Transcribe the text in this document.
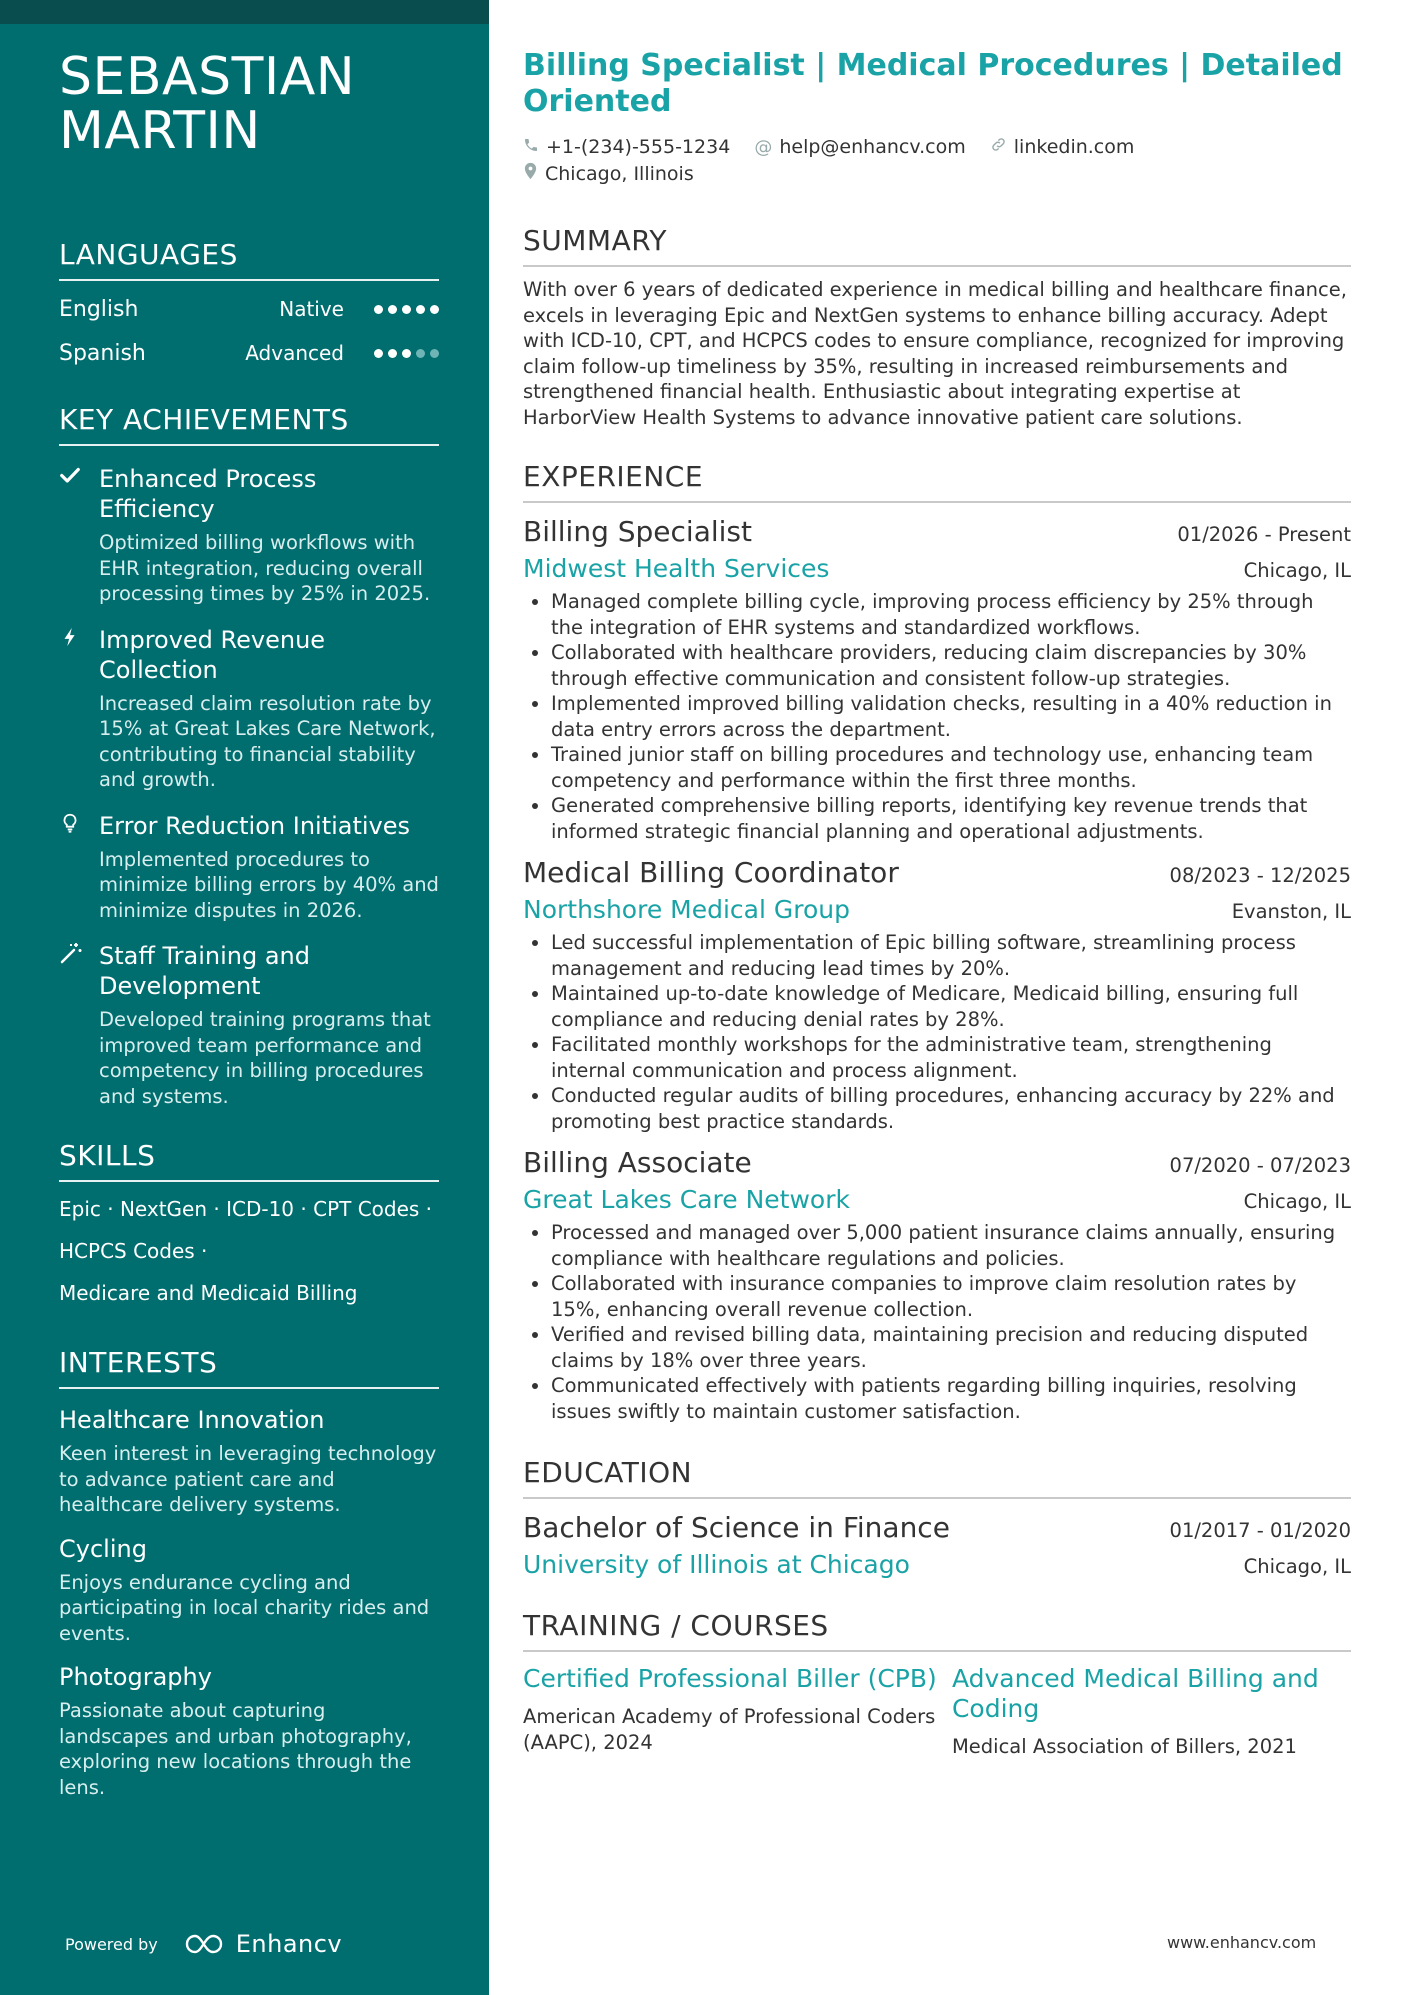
SEBASTIAN MARTIN
LANGUAGES
English	Native
Spanish	Advanced
KEY ACHIEVEMENTS
Enhanced Process Efficiency
Optimized billing workflows with EHR integration, reducing overall processing times by 25% in 2025.
Improved Revenue Collection
Increased claim resolution rate by 15% at Great Lakes Care Network, contributing to financial stability and growth.
Error Reduction Initiatives
Implemented procedures to minimize billing errors by 40% and minimize disputes in 2026.
Staff Training and Development
Developed training programs that improved team performance and competency in billing procedures and systems.
SKILLS
Epic · NextGen · ICD-10 · CPT Codes ·
HCPCS Codes ·
Medicare and Medicaid Billing
INTERESTS
Healthcare Innovation
Keen interest in leveraging technology to advance patient care and healthcare delivery systems.
Cycling
Enjoys endurance cycling and participating in local charity rides and events.
Photography
Passionate about capturing landscapes and urban photography, exploring new locations through the lens.
Powered by	Enhancv
Billing Specialist | Medical Procedures | Detailed Oriented
+1-(234)-555-1234
@ help@enhancv.com
	linkedin.com

Chicago, Illinois
SUMMARY

With over 6 years of dedicated experience in medical billing and healthcare finance, excels in leveraging Epic and NextGen systems to enhance billing accuracy. Adept with ICD-10, CPT, and HCPCS codes to ensure compliance, recognized for improving claim follow-up timeliness by 35%, resulting in increased reimbursements and strengthened financial health. Enthusiastic about integrating expertise at HarborView Health Systems to advance innovative patient care solutions.

EXPERIENCE
Billing Specialist	01/2026 - Present
Midwest Health Services	Chicago, IL
• Managed complete billing cycle, improving process efficiency by 25% through the integration of EHR systems and standardized workflows.
• Collaborated with healthcare providers, reducing claim discrepancies by 30% through effective communication and consistent follow-up strategies.
• Implemented improved billing validation checks, resulting in a 40% reduction in data entry errors across the department.
• Trained junior staff on billing procedures and technology use, enhancing team competency and performance within the first three months.
• Generated comprehensive billing reports, identifying key revenue trends that informed strategic financial planning and operational adjustments.
Medical Billing Coordinator	08/2023 - 12/2025
Northshore Medical Group	Evanston, IL
• Led successful implementation of Epic billing software, streamlining process management and reducing lead times by 20%.
• Maintained up-to-date knowledge of Medicare, Medicaid billing, ensuring full compliance and reducing denial rates by 28%.
• Facilitated monthly workshops for the administrative team, strengthening internal communication and process alignment.
• Conducted regular audits of billing procedures, enhancing accuracy by 22% and promoting best practice standards.
Billing Associate	07/2020 - 07/2023
Great Lakes Care Network	Chicago, IL
• Processed and managed over 5,000 patient insurance claims annually, ensuring compliance with healthcare regulations and policies.
• Collaborated with insurance companies to improve claim resolution rates by 15%, enhancing overall revenue collection.
• Verified and revised billing data, maintaining precision and reducing disputed claims by 18% over three years.
• Communicated effectively with patients regarding billing inquiries, resolving issues swiftly to maintain customer satisfaction.
EDUCATION
Bachelor of Science in Finance	01/2017 - 01/2020
University of Illinois at Chicago	Chicago, IL
TRAINING / COURSES
Certified Professional Biller (CPB)
American Academy of Professional Coders (AAPC), 2024
Advanced Medical Billing and Coding
Medical Association of Billers, 2021
www.enhancv.com
